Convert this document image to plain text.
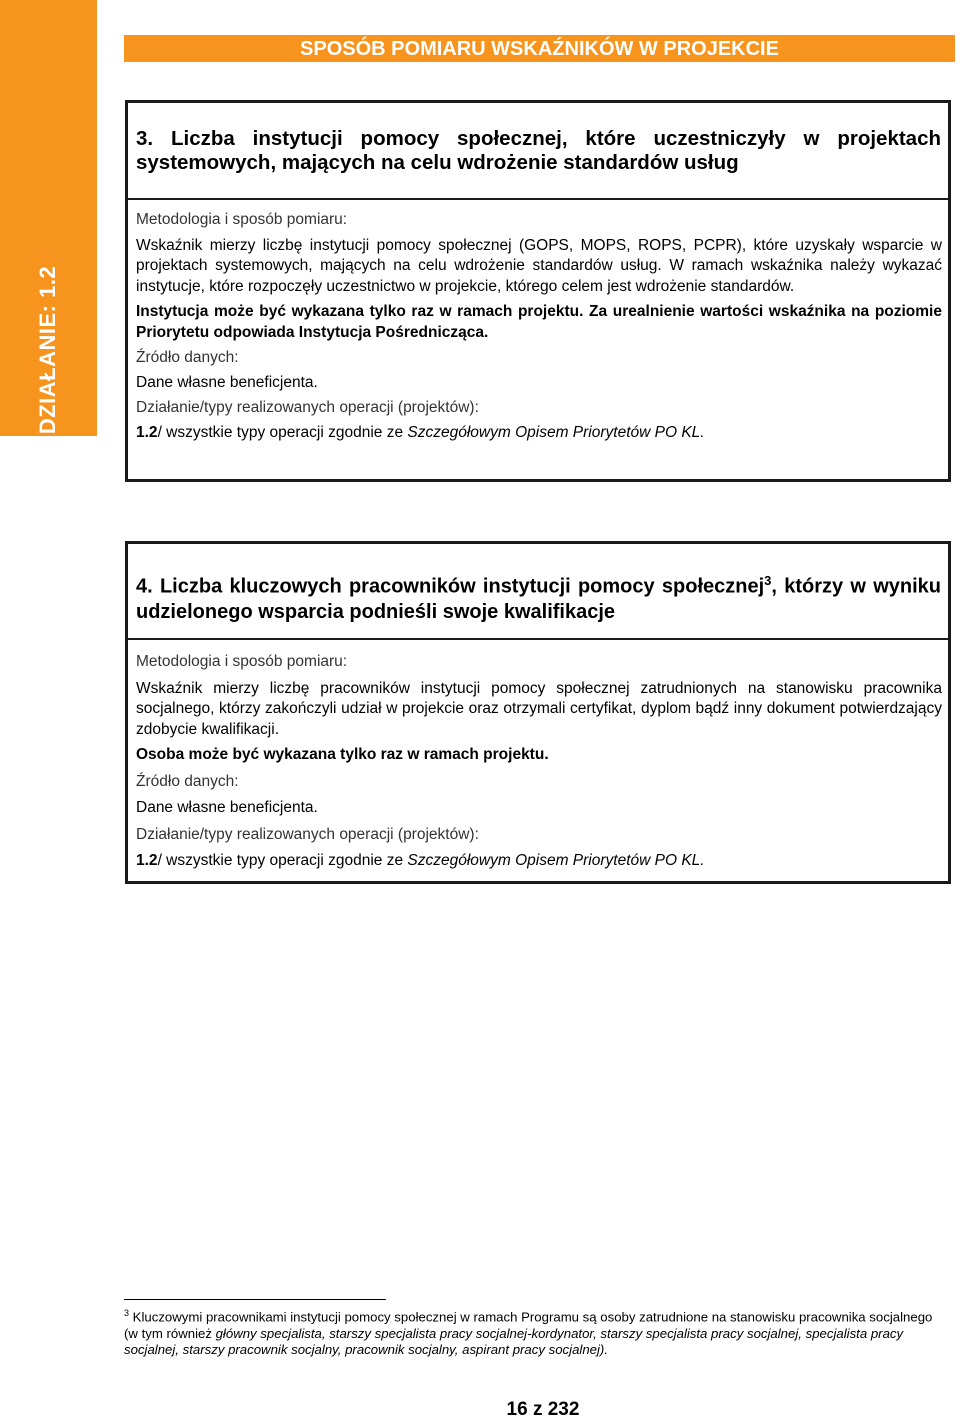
DZIAŁANIE: 1.2
SPOSÓB POMIARU WSKAŹNIKÓW W PROJEKCIE
3. Liczba instytucji pomocy społecznej, które uczestniczyły w projektach systemowych, mających na celu wdrożenie standardów usług

Metodologia i sposób pomiaru:

Wskaźnik mierzy liczbę instytucji pomocy społecznej (GOPS, MOPS, ROPS, PCPR), które uzyskały wsparcie w projektach systemowych, mających na celu wdrożenie standardów usług. W ramach wskaźnika należy wykazać instytucje, które rozpoczęły uczestnictwo w projekcie, którego celem jest wdrożenie standardów.

Instytucja może być wykazana tylko raz w ramach projektu. Za urealnienie wartości wskaźnika na poziomie Priorytetu odpowiada Instytucja Pośrednicząca.

Źródło danych:

Dane własne beneficjenta.

Działanie/typy realizowanych operacji (projektów):

1.2/ wszystkie typy operacji zgodnie ze Szczegółowym Opisem Priorytetów PO KL.

4. Liczba kluczowych pracowników instytucji pomocy społecznej$^3$, którzy w wyniku udzielonego wsparcia podnieśli swoje kwalifikacje

Metodologia i sposób pomiaru:

Wskaźnik mierzy liczbę pracowników instytucji pomocy społecznej zatrudnionych na stanowisku pracownika socjalnego, którzy zakończyli udział w projekcie oraz otrzymali certyfikat, dyplom bądź inny dokument potwierdzający zdobycie kwalifikacji.

Osoba może być wykazana tylko raz w ramach projektu.

Źródło danych:

Dane własne beneficjenta.

Działanie/typy realizowanych operacji (projektów):

1.2/ wszystkie typy operacji zgodnie ze Szczegółowym Opisem Priorytetów PO KL.

$^3$ Kluczowymi pracownikami instytucji pomocy społecznej w ramach Programu są osoby zatrudnione na stanowisku pracownika socjalnego (w tym również główny specjalista, starszy specjalista pracy socjalnej-kordynator, starszy specjalista pracy socjalnej, specjalista pracy socjalnej, starszy pracownik socjalny, pracownik socjalny, aspirant pracy socjalnej).

16 z 232
